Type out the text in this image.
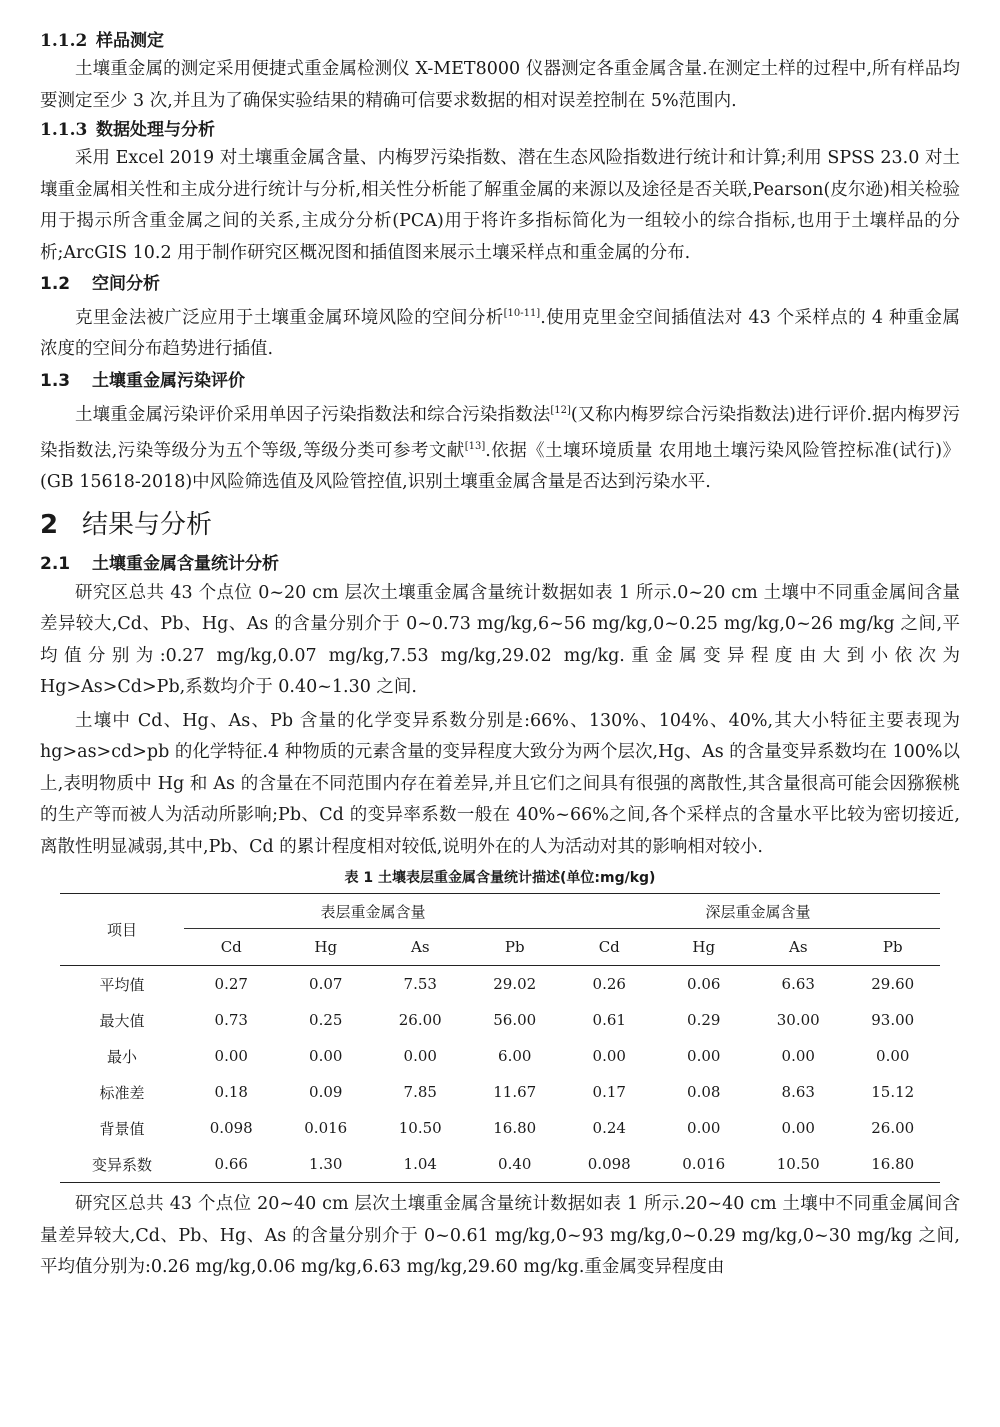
1.1.2 样品测定

土壤重金属的测定采用便捷式重金属检测仪 X-MET8000 仪器测定各重金属含量.在测定土样的过程中,所有样品均要测定至少 3 次,并且为了确保实验结果的精确可信要求数据的相对误差控制在 5%范围内.

1.1.3 数据处理与分析

采用 Excel 2019 对土壤重金属含量、内梅罗污染指数、潜在生态风险指数进行统计和计算;利用 SPSS 23.0 对土壤重金属相关性和主成分进行统计与分析,相关性分析能了解重金属的来源以及途径是否关联,Pearson(皮尔逊)相关检验用于揭示所含重金属之间的关系,主成分分析(PCA)用于将许多指标简化为一组较小的综合指标,也用于土壤样品的分析;ArcGIS 10.2 用于制作研究区概况图和插值图来展示土壤采样点和重金属的分布.

1.2 空间分析

克里金法被广泛应用于土壤重金属环境风险的空间分析[10-11].使用克里金空间插值法对 43 个采样点的 4 种重金属浓度的空间分布趋势进行插值.

1.3 土壤重金属污染评价

土壤重金属污染评价采用单因子污染指数法和综合污染指数法[12](又称内梅罗综合污染指数法)进行评价.据内梅罗污染指数法,污染等级分为五个等级,等级分类可参考文献[13].依据《土壤环境质量 农用地土壤污染风险管控标准(试行)》(GB 15618-2018)中风险筛选值及风险管控值,识别土壤重金属含量是否达到污染水平.

2 结果与分析
2.1 土壤重金属含量统计分析

研究区总共 43 个点位 0~20 cm 层次土壤重金属含量统计数据如表 1 所示.0~20 cm 土壤中不同重金属间含量差异较大,Cd、Pb、Hg、As 的含量分别介于 0~0.73 mg/kg,6~56 mg/kg,0~0.25 mg/kg,0~26 mg/kg 之间,平均值分别为:0.27 mg/kg,0.07 mg/kg,7.53 mg/kg,29.02 mg/kg.重金属变异程度由大到小依次为 Hg>As>Cd>Pb,系数均介于 0.40~1.30 之间.

土壤中 Cd、Hg、As、Pb 含量的化学变异系数分别是:66%、130%、104%、40%,其大小特征主要表现为 hg>as>cd>pb 的化学特征.4 种物质的元素含量的变异程度大致分为两个层次,Hg、As 的含量变异系数均在 100%以上,表明物质中 Hg 和 As 的含量在不同范围内存在着差异,并且它们之间具有很强的离散性,其含量很高可能会因猕猴桃的生产等而被人为活动所影响;Pb、Cd 的变异率系数一般在 40%~66%之间,各个采样点的含量水平比较为密切接近,离散性明显减弱,其中,Pb、Cd 的累计程度相对较低,说明外在的人为活动对其的影响相对较小.

表 1 土壤表层重金属含量统计描述(单位:mg/kg)
项目	表层重金属含量				深层重金属含量			
	Cd	Hg	As	Pb	Cd	Hg	As	Pb
平均值	0.27	0.07	7.53	29.02	0.26	0.06	6.63	29.60
最大值	0.73	0.25	26.00	56.00	0.61	0.29	30.00	93.00
最小	0.00	0.00	0.00	6.00	0.00	0.00	0.00	0.00
标准差	0.18	0.09	7.85	11.67	0.17	0.08	8.63	15.12
背景值	0.098	0.016	10.50	16.80	0.24	0.00	0.00	26.00
变异系数	0.66	1.30	1.04	0.40	0.098	0.016	10.50	16.80

研究区总共 43 个点位 20~40 cm 层次土壤重金属含量统计数据如表 1 所示.20~40 cm 土壤中不同重金属间含量差异较大,Cd、Pb、Hg、As 的含量分别介于 0~0.61 mg/kg,0~93 mg/kg,0~0.29 mg/kg,0~30 mg/kg 之间,平均值分别为:0.26 mg/kg,0.06 mg/kg,6.63 mg/kg,29.60 mg/kg.重金属变异程度由
